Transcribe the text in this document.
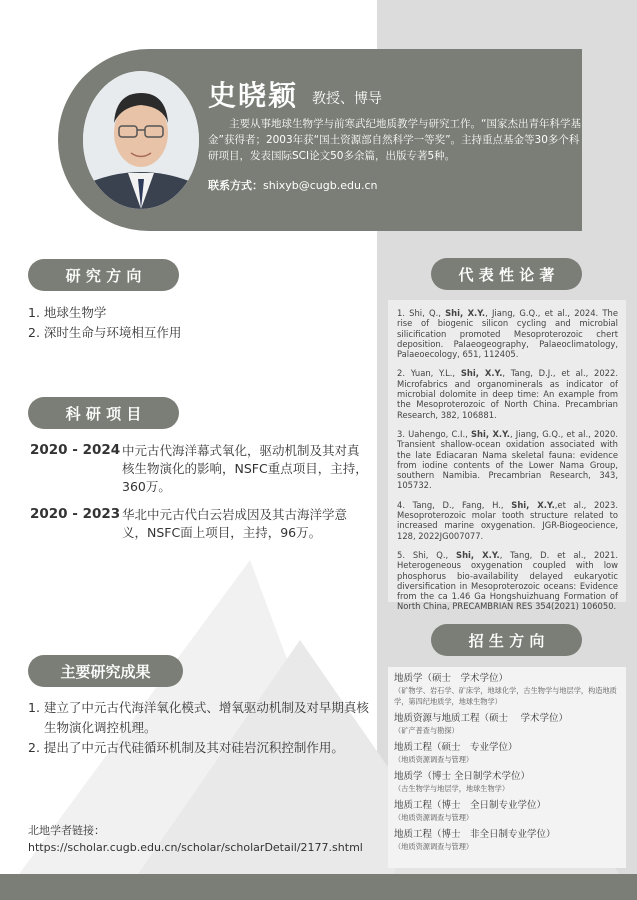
史晓颖 教授、博导
主要从事地球生物学与前寒武纪地质教学与研究工作。“国家杰出青年科学基金”获得者；2003年获“国土资源部自然科学一等奖”。主持重点基金等30多个科研项目，发表国际SCI论文50多余篇，出版专著5种。
联系方式：shixyb@cugb.edu.cn
研 究 方 向
1. 地球生物学
2. 深时生命与环境相互作用
科 研 项 目
2020 - 2024 中元古代海洋幕式氧化，驱动机制及其对真核生物演化的影响，NSFC重点项目，主持，360万。
2020 - 2023 华北中元古代白云岩成因及其古海洋学意义，NSFC面上项目，主持，96万。
主要研究成果
1. 建立了中元古代海洋氧化模式、增氧驱动机制及对早期真核生物演化调控机理。
2. 提出了中元古代硅循环机制及其对硅岩沉积控制作用。
北地学者链接：
https://scholar.cugb.edu.cn/scholar/scholarDetail/2177.shtml
代 表 性 论 著
1. Shi, Q., Shi, X.Y., Jiang, G.Q., et al., 2024. The rise of biogenic silicon cycling and microbial silicification promoted Mesoproterozoic chert deposition. Palaeogeography, Palaeoclimatology, Palaeoecology, 651, 112405.
2. Yuan, Y.L., Shi, X.Y., Tang, D.J., et al., 2022. Microfabrics and organominerals as indicator of microbial dolomite in deep time: An example from the Mesoproterozoic of North China. Precambrian Research, 382, 106881.
3. Uahengo, C.I., Shi, X.Y., Jiang, G.Q., et al., 2020. Transient shallow-ocean oxidation associated with the late Ediacaran Nama skeletal fauna: evidence from iodine contents of the Lower Nama Group, southern Namibia. Precambrian Research, 343, 105732.
4. Tang, D., Fang, H., Shi, X.Y.,et al., 2023. Mesoproterozoic molar tooth structure related to increased marine oxygenation. JGR-Biogeocience, 128, 2022JG007077.
5. Shi, Q., Shi, X.Y., Tang, D. et al., 2021. Heterogeneous oxygenation coupled with low phosphorus bio-availability delayed eukaryotic diversification in Mesoproterozoic oceans: Evidence from the ca 1.46 Ga Hongshuizhuang Formation of North China, PRECAMBRIAN RES 354(2021) 106050.
招 生 方 向
地质学（硕士　学术学位）
（矿物学、岩石学、矿床学，地球化学，古生物学与地层学，构造地质学，第四纪地质学，地球生物学）
地质资源与地质工程（硕士　 学术学位）
（矿产普查与勘探）
地质工程（硕士　专业学位）
（地质资源调查与管理）
地质学（博士 全日制学术学位）
（古生物学与地层学，地球生物学）
地质工程（博士　全日制专业学位）
（地质资源调查与管理）
地质工程（博士　非全日制专业学位）
（地质资源调查与管理）
